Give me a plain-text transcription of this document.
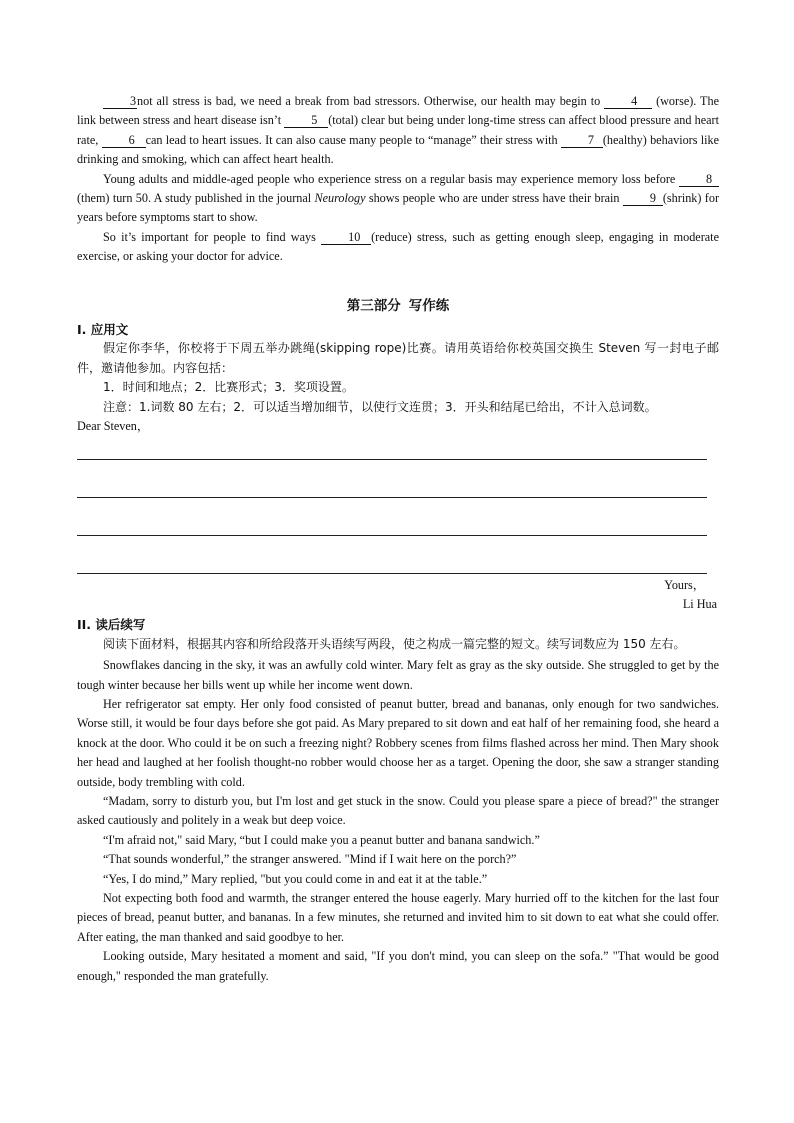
3not all stress is bad, we need a break from bad stressors. Otherwise, our health may begin to 4 (worse). The link between stress and heart disease isn’t 5 (total) clear but being under long-time stress can affect blood pressure and heart rate, 6 can lead to heart issues. It can also cause many people to “manage” their stress with 7 (healthy) behaviors like drinking and smoking, which can affect heart health.

Young adults and middle-aged people who experience stress on a regular basis may experience memory loss before 8(them) turn 50. A study published in the journal Neurology shows people who are under stress have their brain 9 (shrink) for years before symptoms start to show.

So it’s important for people to find ways 10 (reduce) stress, such as getting enough sleep, engaging in moderate exercise, or asking your doctor for advice.

第三部分 写作练
I. 应用文

假定你李华，你校将于下周五举办跳绳(skipping rope)比赛。请用英语给你校英国交换生 Steven 写一封电子邮件，邀请他参加。内容包括：

1．时间和地点；2．比赛形式；3．奖项设置。

注意：1.词数 80 左右；2．可以适当增加细节，以使行文连贯；3．开头和结尾已给出，不计入总词数。

Dear Steven，

Yours，

Li Hua

II. 读后续写

阅读下面材料，根据其内容和所给段落开头语续写两段，使之构成一篇完整的短文。续写词数应为 150 左右。

Snowflakes dancing in the sky, it was an awfully cold winter. Mary felt as gray as the sky outside. She struggled to get by the tough winter because her bills went up while her income went down.

Her refrigerator sat empty. Her only food consisted of peanut butter, bread and bananas, only enough for two sandwiches. Worse still, it would be four days before she got paid. As Mary prepared to sit down and eat half of her remaining food, she heard a knock at the door. Who could it be on such a freezing night? Robbery scenes from films flashed across her mind. Then Mary shook her head and laughed at her foolish thought-no robber would choose her as a target. Opening the door, she saw a stranger standing outside, body trembling with cold.

“Madam, sorry to disturb you, but I'm lost and get stuck in the snow. Could you please spare a piece of bread?" the stranger asked cautiously and politely in a weak but deep voice.

“I'm afraid not," said Mary, “but I could make you a peanut butter and banana sandwich.”

“That sounds wonderful,” the stranger answered. "Mind if I wait here on the porch?”

“Yes, I do mind,” Mary replied, "but you could come in and eat it at the table.”

Not expecting both food and warmth, the stranger entered the house eagerly. Mary hurried off to the kitchen for the last four pieces of bread, peanut butter, and bananas. In a few minutes, she returned and invited him to sit down to eat what she could offer. After eating, the man thanked and said goodbye to her.

Looking outside, Mary hesitated a moment and said, "If you don't mind, you can sleep on the sofa.” "That would be good enough," responded the man gratefully.
